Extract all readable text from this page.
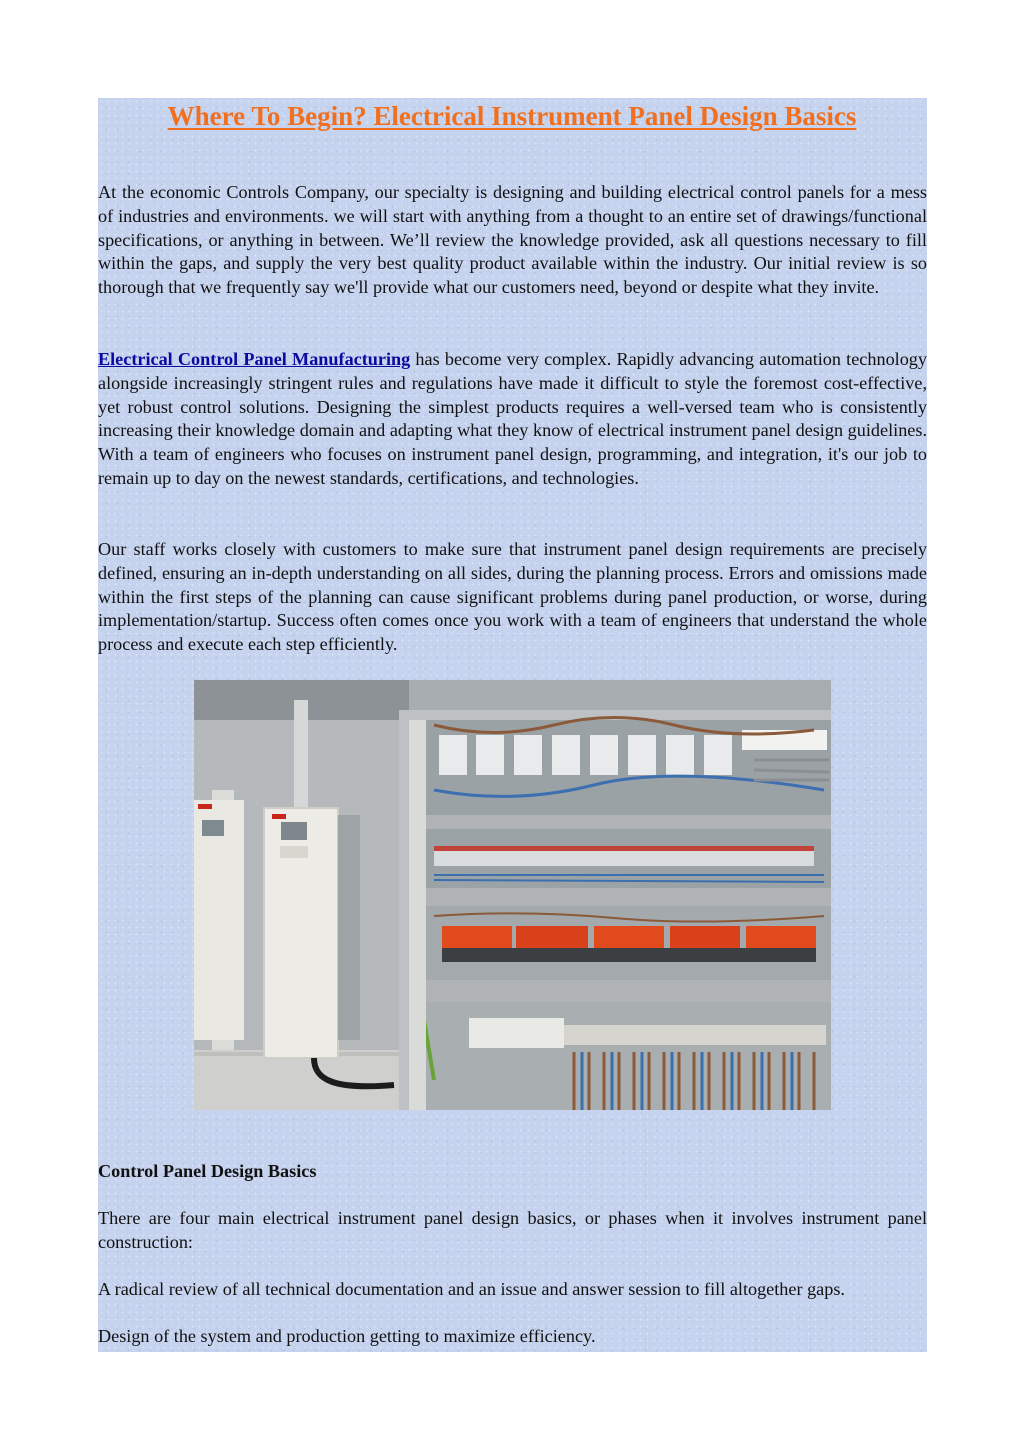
Where To Begin? Electrical Instrument Panel Design Basics

At the economic Controls Company, our specialty is designing and building electrical control panels for a mess of industries and environments. we will start with anything from a thought to an entire set of drawings/functional specifications, or anything in between. We’ll review the knowledge provided, ask all questions necessary to fill within the gaps, and supply the very best quality product available within the industry. Our initial review is so thorough that we frequently say we'll provide what our customers need, beyond or despite what they invite.

Electrical Control Panel Manufacturing has become very complex. Rapidly advancing automation technology alongside increasingly stringent rules and regulations have made it difficult to style the foremost cost-effective, yet robust control solutions. Designing the simplest products requires a well-versed team who is consistently increasing their knowledge domain and adapting what they know of electrical instrument panel design guidelines. With a team of engineers who focuses on instrument panel design, programming, and integration, it's our job to remain up to day on the newest standards, certifications, and technologies.

Our staff works closely with customers to make sure that instrument panel design requirements are precisely defined, ensuring an in-depth understanding on all sides, during the planning process. Errors and omissions made within the first steps of the planning can cause significant problems during panel production, or worse, during implementation/startup. Success often comes once you work with a team of engineers that understand the whole process and execute each step efficiently.

Control Panel Design Basics

There are four main electrical instrument panel design basics, or phases when it involves instrument panel construction:

A radical review of all technical documentation and an issue and answer session to fill altogether gaps.

Design of the system and production getting to maximize efficiency.
